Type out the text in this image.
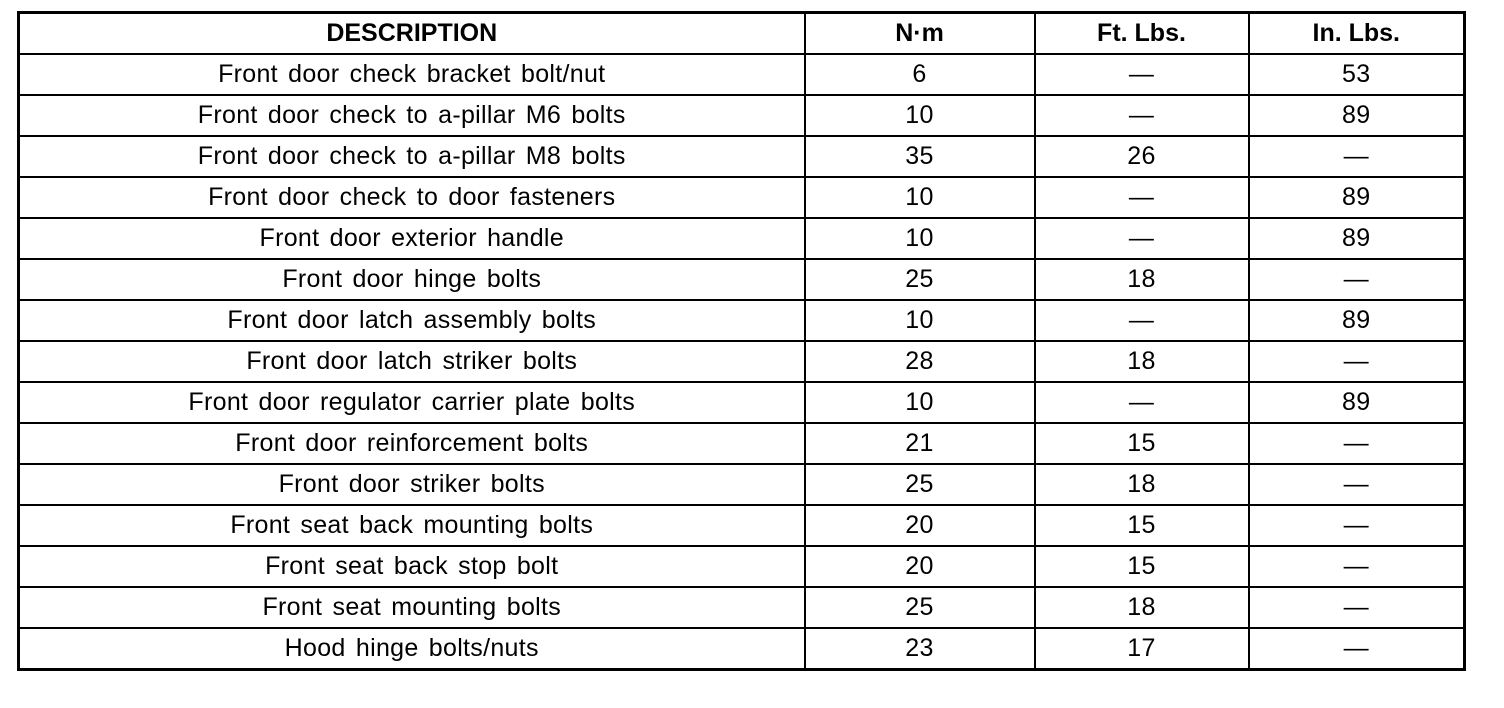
DESCRIPTION	N·m	Ft. Lbs.	In. Lbs.
Front door check bracket bolt/nut	6	—	53
Front door check to a-pillar M6 bolts	10	—	89
Front door check to a-pillar M8 bolts	35	26	—
Front door check to door fasteners	10	—	89
Front door exterior handle	10	—	89
Front door hinge bolts	25	18	—
Front door latch assembly bolts	10	—	89
Front door latch striker bolts	28	18	—
Front door regulator carrier plate bolts	10	—	89
Front door reinforcement bolts	21	15	—
Front door striker bolts	25	18	—
Front seat back mounting bolts	20	15	—
Front seat back stop bolt	20	15	—
Front seat mounting bolts	25	18	—
Hood hinge bolts/nuts	23	17	—
